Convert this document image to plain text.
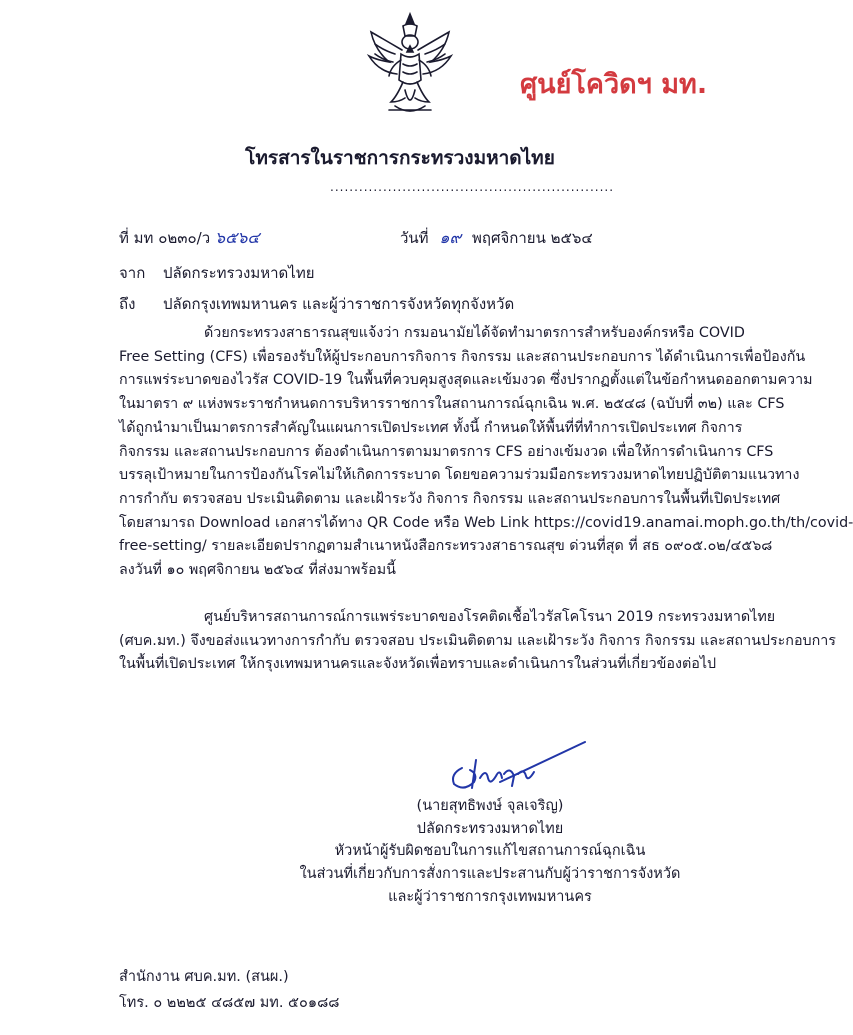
ศูนย์โควิดฯ มท.
โทรสารในราชการกระทรวงมหาดไทย
...........................................................
ที่ มท ๐๒๓๐/ว ๖๕๖๔	วันที่ ๑๙ พฤศจิกายน ๒๕๖๔
จาก ปลัดกระทรวงมหาดไทย
ถึง ปลัดกรุงเทพมหานคร และผู้ว่าราชการจังหวัดทุกจังหวัด
ด้วยกระทรวงสาธารณสุขแจ้งว่า กรมอนามัยได้จัดทำมาตรการสำหรับองค์กรหรือ COVID
Free Setting (CFS) เพื่อรองรับให้ผู้ประกอบการกิจการ กิจกรรม และสถานประกอบการ ได้ดำเนินการเพื่อป้องกัน
การแพร่ระบาดของไวรัส COVID-19 ในพื้นที่ควบคุมสูงสุดและเข้มงวด ซึ่งปรากฏตั้งแต่ในข้อกำหนดออกตามความ
ในมาตรา ๙ แห่งพระราชกำหนดการบริหารราชการในสถานการณ์ฉุกเฉิน พ.ศ. ๒๕๔๘ (ฉบับที่ ๓๒) และ CFS
ได้ถูกนำมาเป็นมาตรการสำคัญในแผนการเปิดประเทศ ทั้งนี้ กำหนดให้พื้นที่ที่ทำการเปิดประเทศ กิจการ
กิจกรรม และสถานประกอบการ ต้องดำเนินการตามมาตรการ CFS อย่างเข้มงวด เพื่อให้การดำเนินการ CFS
บรรลุเป้าหมายในการป้องกันโรคไม่ให้เกิดการระบาด โดยขอความร่วมมือกระทรวงมหาดไทยปฏิบัติตามแนวทาง
การกำกับ ตรวจสอบ ประเมินติดตาม และเฝ้าระวัง กิจการ กิจกรรม และสถานประกอบการในพื้นที่เปิดประเทศ
โดยสามารถ Download เอกสารได้ทาง QR Code หรือ Web Link https://covid19.anamai.moph.go.th/th/covid-
free-setting/ รายละเอียดปรากฏตามสำเนาหนังสือกระทรวงสาธารณสุข ด่วนที่สุด ที่ สธ ๐๙๐๕.๐๒/๔๕๖๘
ลงวันที่ ๑๐ พฤศจิกายน ๒๕๖๔ ที่ส่งมาพร้อมนี้
ศูนย์บริหารสถานการณ์การแพร่ระบาดของโรคติดเชื้อไวรัสโคโรนา 2019 กระทรวงมหาดไทย
(ศบค.มท.) จึงขอส่งแนวทางการกำกับ ตรวจสอบ ประเมินติดตาม และเฝ้าระวัง กิจการ กิจกรรม และสถานประกอบการ
ในพื้นที่เปิดประเทศ ให้กรุงเทพมหานครและจังหวัดเพื่อทราบและดำเนินการในส่วนที่เกี่ยวข้องต่อไป
(นายสุทธิพงษ์ จุลเจริญ)
ปลัดกระทรวงมหาดไทย
หัวหน้าผู้รับผิดชอบในการแก้ไขสถานการณ์ฉุกเฉิน
ในส่วนที่เกี่ยวกับการสั่งการและประสานกับผู้ว่าราชการจังหวัด
และผู้ว่าราชการกรุงเทพมหานคร
สำนักงาน ศบค.มท. (สนผ.)
โทร. ๐ ๒๒๒๕ ๔๘๕๗ มท. ๕๐๑๘๘
